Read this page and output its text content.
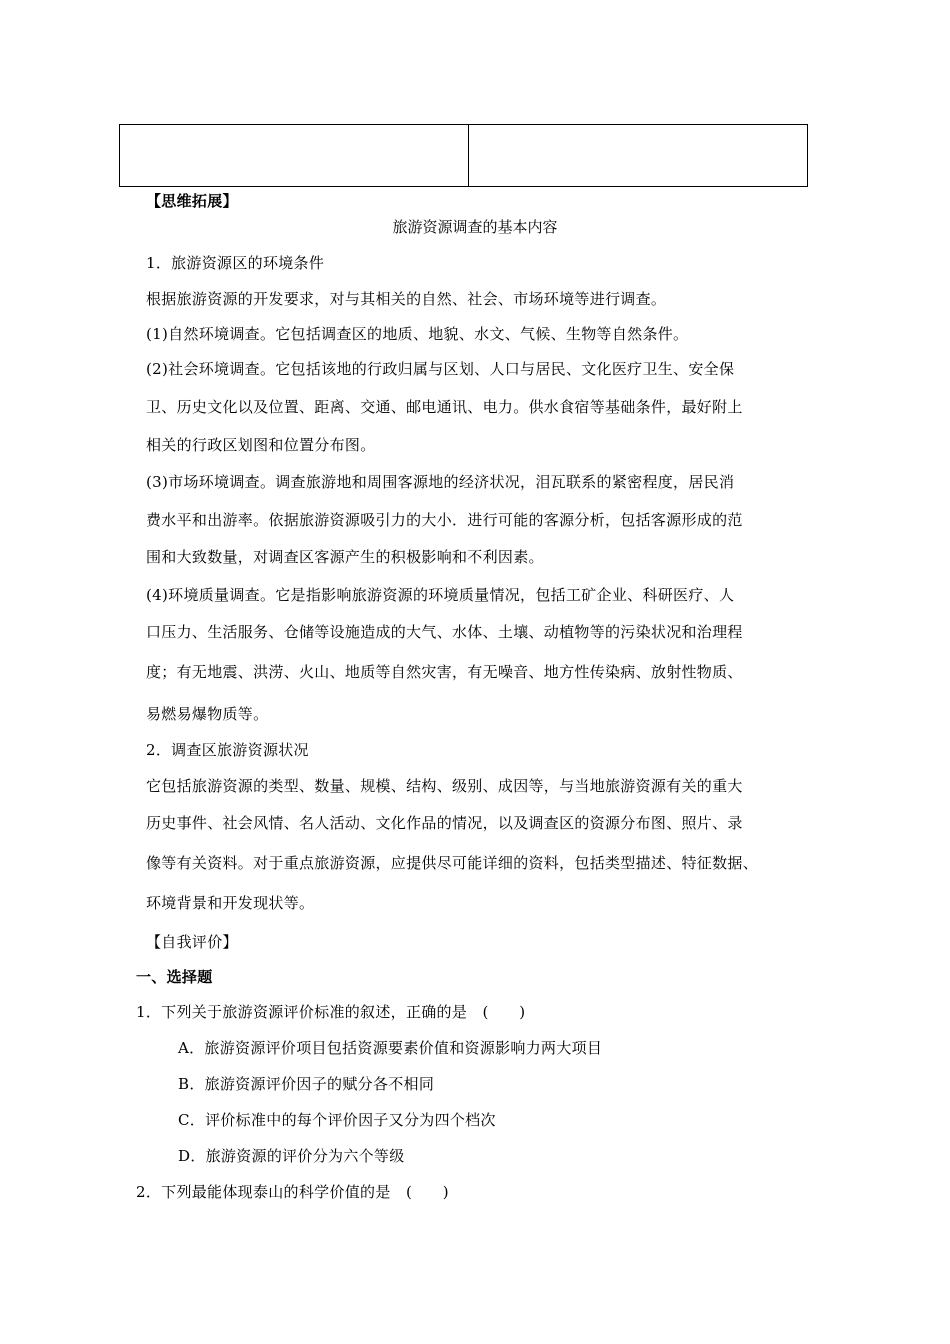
【思维拓展】
旅游资源调查的基本内容
1．旅游资源区的环境条件
根据旅游资源的开发要求，对与其相关的自然、社会、市场环境等进行调查。
(1)自然环境调查。它包括调查区的地质、地貌、水文、气候、生物等自然条件。
(2)社会环境调查。它包括该地的行政归属与区划、人口与居民、文化医疗卫生、安全保
卫、历史文化以及位置、距离、交通、邮电通讯、电力。供水食宿等基础条件，最好附上
相关的行政区划图和位置分布图。
(3)市场环境调查。调查旅游地和周围客源地的经济状况，泪瓦联系的紧密程度，居民消
费水平和出游率。依据旅游资源吸引力的大小．进行可能的客源分析，包括客源形成的范
围和大致数量，对调查区客源产生的积极影响和不利因素。
(4)环境质量调查。它是指影响旅游资源的环境质量情况，包括工矿企业、科研医疗、人
口压力、生活服务、仓储等设施造成的大气、水体、土壤、动植物等的污染状况和治理程
度；有无地震、洪涝、火山、地质等自然灾害，有无噪音、地方性传染病、放射性物质、
易燃易爆物质等。
2．调查区旅游资源状况
它包括旅游资源的类型、数量、规模、结构、级别、成因等，与当地旅游资源有关的重大
历史事件、社会风情、名人活动、文化作品的情况，以及调查区的资源分布图、照片、录
像等有关资料。对于重点旅游资源，应提供尽可能详细的资料，包括类型描述、特征数据、
环境背景和开发现状等。
【自我评价】
一、选择题
1．下列关于旅游资源评价标准的叙述，正确的是　(　　)
A．旅游资源评价项目包括资源要素价值和资源影响力两大项目
B．旅游资源评价因子的赋分各不相同
C．评价标准中的每个评价因子又分为四个档次
D．旅游资源的评价分为六个等级
2．下列最能体现泰山的科学价值的是　(　　)
